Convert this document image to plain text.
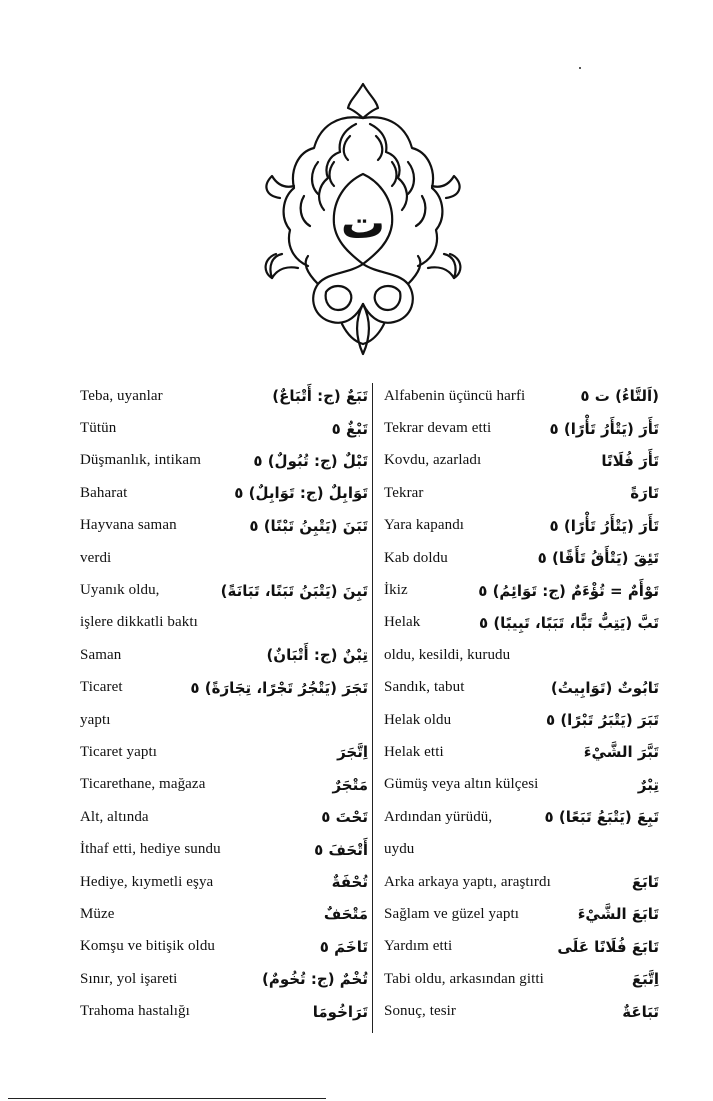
ت
Teba, uyanlar	تَبَعٌ (ج: أَتْبَاعٌ)
Tütün	تَبْغٌ ٥
Düşmanlık, intikam	تَبْلٌ (ج: تُبُولٌ) ٥
Baharat	تَوَابِلٌ (ج: تَوَابِلٌ) ٥
Hayvana saman	تَبَنَ (يَتْبِنُ تَبْنًا) ٥
verdi
Uyanık oldu,	تَبِنَ (يَتْبَنُ تَبَنًا، تَبَانَةً)
işlere dikkatli baktı
Saman	تِبْنٌ (ج: أَتْبَانٌ)
Ticaret	تَجَرَ (يَتْجُرُ تَجْرًا، تِجَارَةً) ٥
yaptı
Ticaret yaptı	اِتَّجَرَ
Ticarethane, mağaza	مَتْجَرٌ
Alt, altında	تَحْتَ ٥
İthaf etti, hediye sundu	أَتْحَفَ ٥
Hediye, kıymetli eşya	تُحْفَةٌ
Müze	مَتْحَفٌ
Komşu ve bitişik oldu	تَاخَمَ ٥
Sınır, yol işareti	تُخْمٌ (ج: تُخُومٌ)
Trahoma hastalığı	تَرَاخُومَا
Alfabenin üçüncü harfi	(اَلتَّاءُ) ت ٥
Tekrar devam etti	تَأَرَ (يَتْأَرُ تَأْرًا) ٥
Kovdu, azarladı	تَأَرَ فُلَانًا
Tekrar	تَارَةً
Yara kapandı	تَأَرَ (يَتْأَرُ تَأْرًا) ٥
Kab doldu	تَئِقَ (يَتْأَقُ تَأَقًا) ٥
İkiz	تَوْأَمٌ = تُؤْءَمٌ (ج: تَوَائِمُ) ٥
Helak	تَبَّ (يَتِبُّ تَبًّا، تَبَبًا، تَبِيبًا) ٥
oldu, kesildi, kurudu
Sandık, tabut	تَابُوتٌ (تَوَابِيتُ)
Helak oldu	تَبَرَ (يَتْبَرُ تَبْرًا) ٥
Helak etti	تَبَّرَ الشَّيْءَ
Gümüş veya altın külçesi	تِبْرٌ
Ardından yürüdü,	تَبِعَ (يَتْبَعُ تَبَعًا) ٥
uydu
Arka arkaya yaptı, araştırdı	تَابَعَ
Sağlam ve güzel yaptı	تَابَعَ الشَّيْءَ
Yardım etti	تَابَعَ فُلَانًا عَلَى
Tabi oldu, arkasından gitti	اِتَّبَعَ
Sonuç, tesir	تَبَاعَةٌ
